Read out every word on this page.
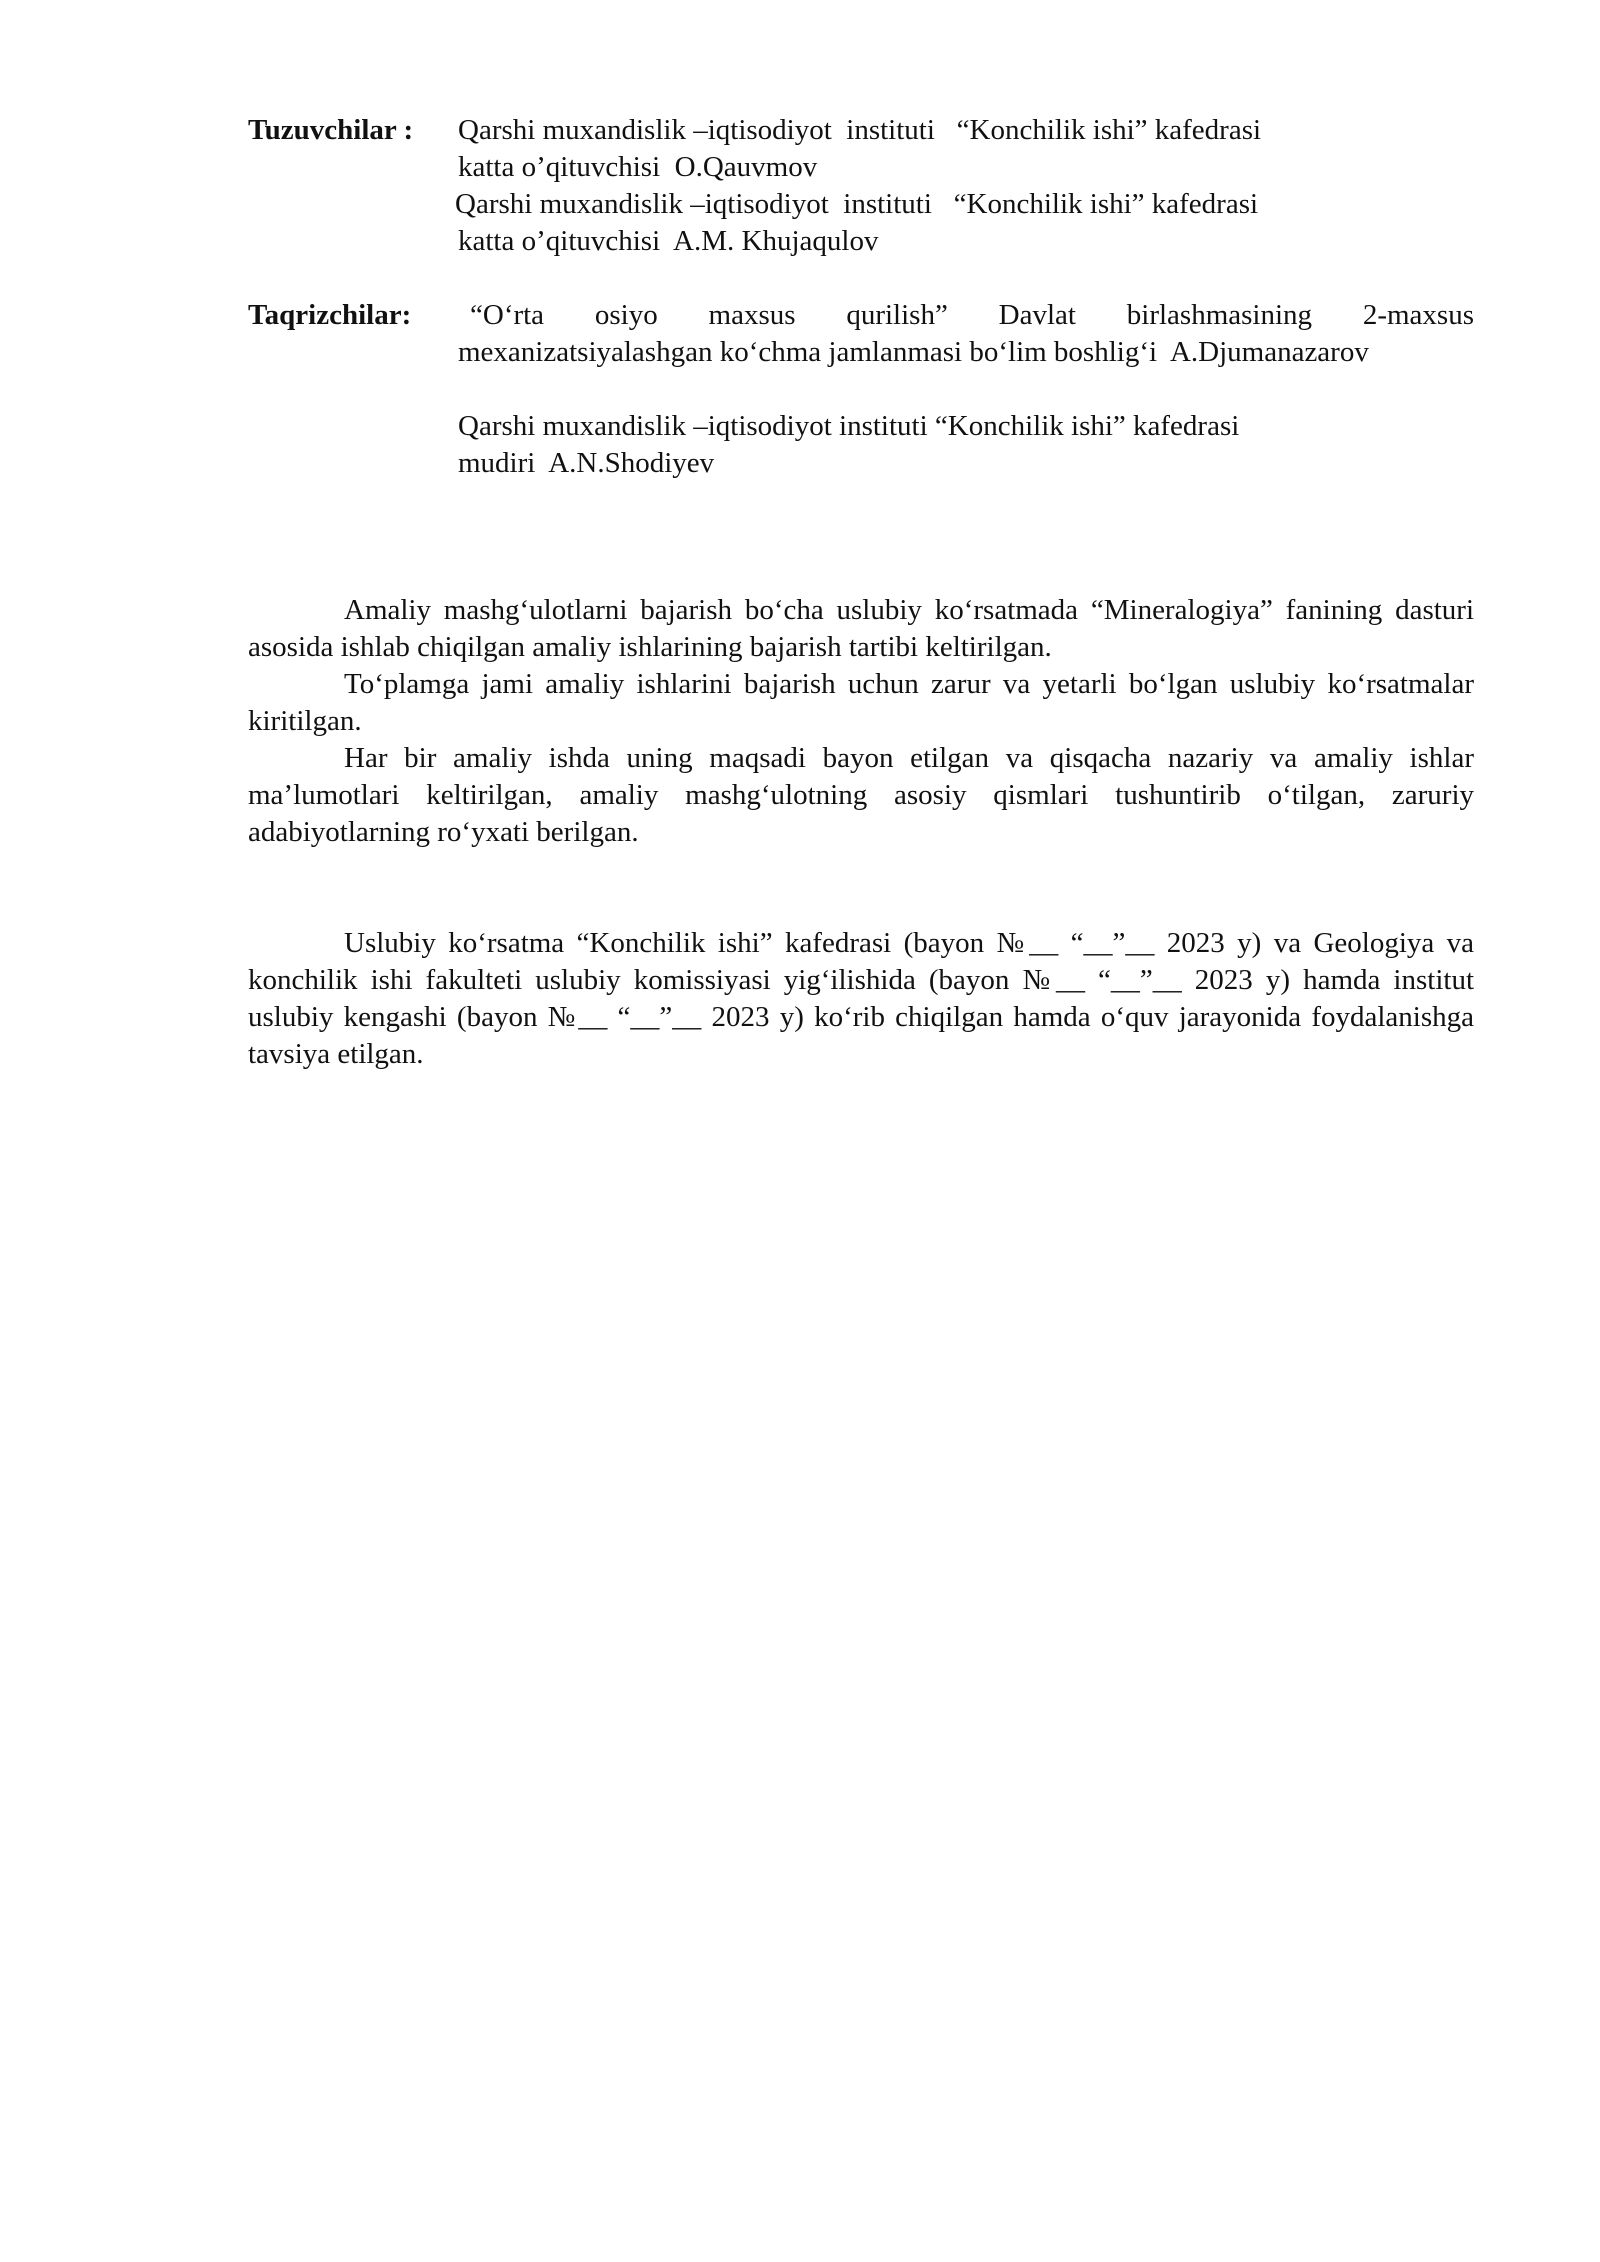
Tuzuvchilar :	Qarshi muxandislik –iqtisodiyot  instituti   “Konchilik ishi” kafedrasi
katta o’qituvchisi  O.Qauvmov
Qarshi muxandislik –iqtisodiyot  instituti   “Konchilik ishi” kafedrasi
katta o’qituvchisi  A.M. Khujaqulov
Taqrizchilar:	“O‘rta osiyo maxsus qurilish” Davlat birlashmasining 2-maxsus
mexanizatsiyalashgan ko‘chma jamlanmasi bo‘lim boshlig‘i  A.Djumanazarov
Qarshi muxandislik –iqtisodiyot instituti “Konchilik ishi” kafedrasi
mudiri  A.N.Shodiyev

Amaliy mashg‘ulotlarni bajarish bo‘cha uslubiy ko‘rsatmada “Mineralogiya” fanining dasturi asosida ishlab chiqilgan amaliy ishlarining bajarish tartibi keltirilgan.

To‘plamga jami amaliy ishlarini bajarish uchun zarur va yetarli bo‘lgan uslubiy ko‘rsatmalar kiritilgan.

Har bir amaliy ishda uning maqsadi bayon etilgan va qisqacha nazariy va amaliy ishlar ma’lumotlari keltirilgan, amaliy mashg‘ulotning asosiy qismlari tushuntirib o‘tilgan, zaruriy adabiyotlarning ro‘yxati berilgan.

Uslubiy ko‘rsatma “Konchilik ishi” kafedrasi (bayon №__ “__”__ 2023 y) va Geologiya va konchilik ishi fakulteti uslubiy komissiyasi yig‘ilishida (bayon №__ “__”__ 2023 y) hamda institut uslubiy kengashi (bayon №__ “__”__ 2023 y) ko‘rib chiqilgan hamda o‘quv jarayonida foydalanishga tavsiya etilgan.
